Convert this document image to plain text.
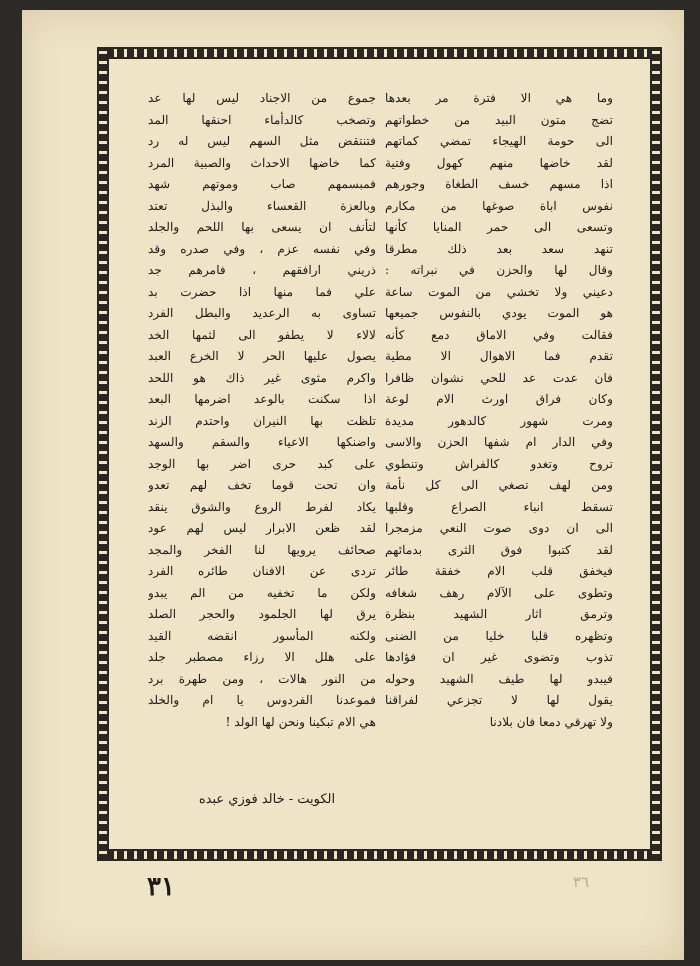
وما هي الا فترة مر بعدها
تضج متون البيد من خطواتهم
الى حومة الهيجاء تمضي كماتهم
لقد خاضها منهم كهول وفتية
اذا مسهم خسف الطغاة وجورهم
نفوس اباة صوغها من مكارم
وتسعى الى حمر المنايا كأنها
تنهد سعد بعد ذلك مطرقا
وقال لها والحزن في نبراته :
دعيني ولا تخشي من الموت ساعة
هو الموت يودي بالنفوس جميعها
فقالت وفي الاماق دمع كأنه
تقدم فما الاهوال الا مطية
فان عدت عد للحي نشوان ظافرا
وكان فراق اورث الام لوعة
ومرت شهور كالدهور مديدة
وفي الدار ام شفها الحزن والاسى
تروح وتغدو كالفراش وتنطوي
ومن لهف تصغي الى كل نأمة
تسقط انباء الصراع وقلبها
الى ان دوى صوت النعي مزمجرا
لقد كتبوا فوق الثرى بدمائهم
فيخفق قلب الام خفقة طائر
وتطوى على الآلام رهف شغافه
وترمق اثار الشهيد بنظرة
وتظهره قلبا خليا من الضنى
تذوب وتضوى غير ان فؤادها
فيبدو لها طيف الشهيد وحوله
يقول لها لا تجزعي لفراقنا
ولا تهرقي دمعا فان بلادنا
جموع من الاجناد ليس لها عد
وتصخب كالدأماء احنقها المد
فتنتقض مثل السهم ليس له رد
كما خاضها الاحداث والصبية المرد
فمبسمهم صاب وموتهم شهد
وبالعزة القعساء والبذل تعتد
لتأنف ان يسعى بها اللحم والجلد
وفي نفسه عزم ، وفي صدره وقد
ذريني ارافقهم ، فامرهم جد
علي فما منها اذا حضرت بد
تساوى به الرعديد والبطل الفرد
لالاء لا يطفو الى لثمها الخد
يصول عليها الحر لا الخرع العبد
واكرم مثوى غير ذاك هو اللحد
اذا سكنت بالوعد اضرمها البعد
تلظت بها النيران واحتدم الزند
واضنكها الاعياء والسقم والسهد
على كبد حرى اضر بها الوجد
وان تحت قوما تخف لهم تعدو
يكاد لفرط الروع والشوق ينقد
لقد ظعن الابرار ليس لهم عود
صحائف يرويها لنا الفخر والمجد
تردى عن الافنان طائره الفرد
ولكن ما تخفيه من الم يبدو
يرق لها الجلمود والحجر الصلد
ولكنه المأسور انقضه القيد
على هلل الا رزاء مصطبر جلد
من النور هالات ، ومن طهرة برد
فموعدنا الفردوس يا ام والخلد
هي الام تبكينا ونحن لها الولد !
الكويت - خالد فوزي عبده
٣١	٣٦
